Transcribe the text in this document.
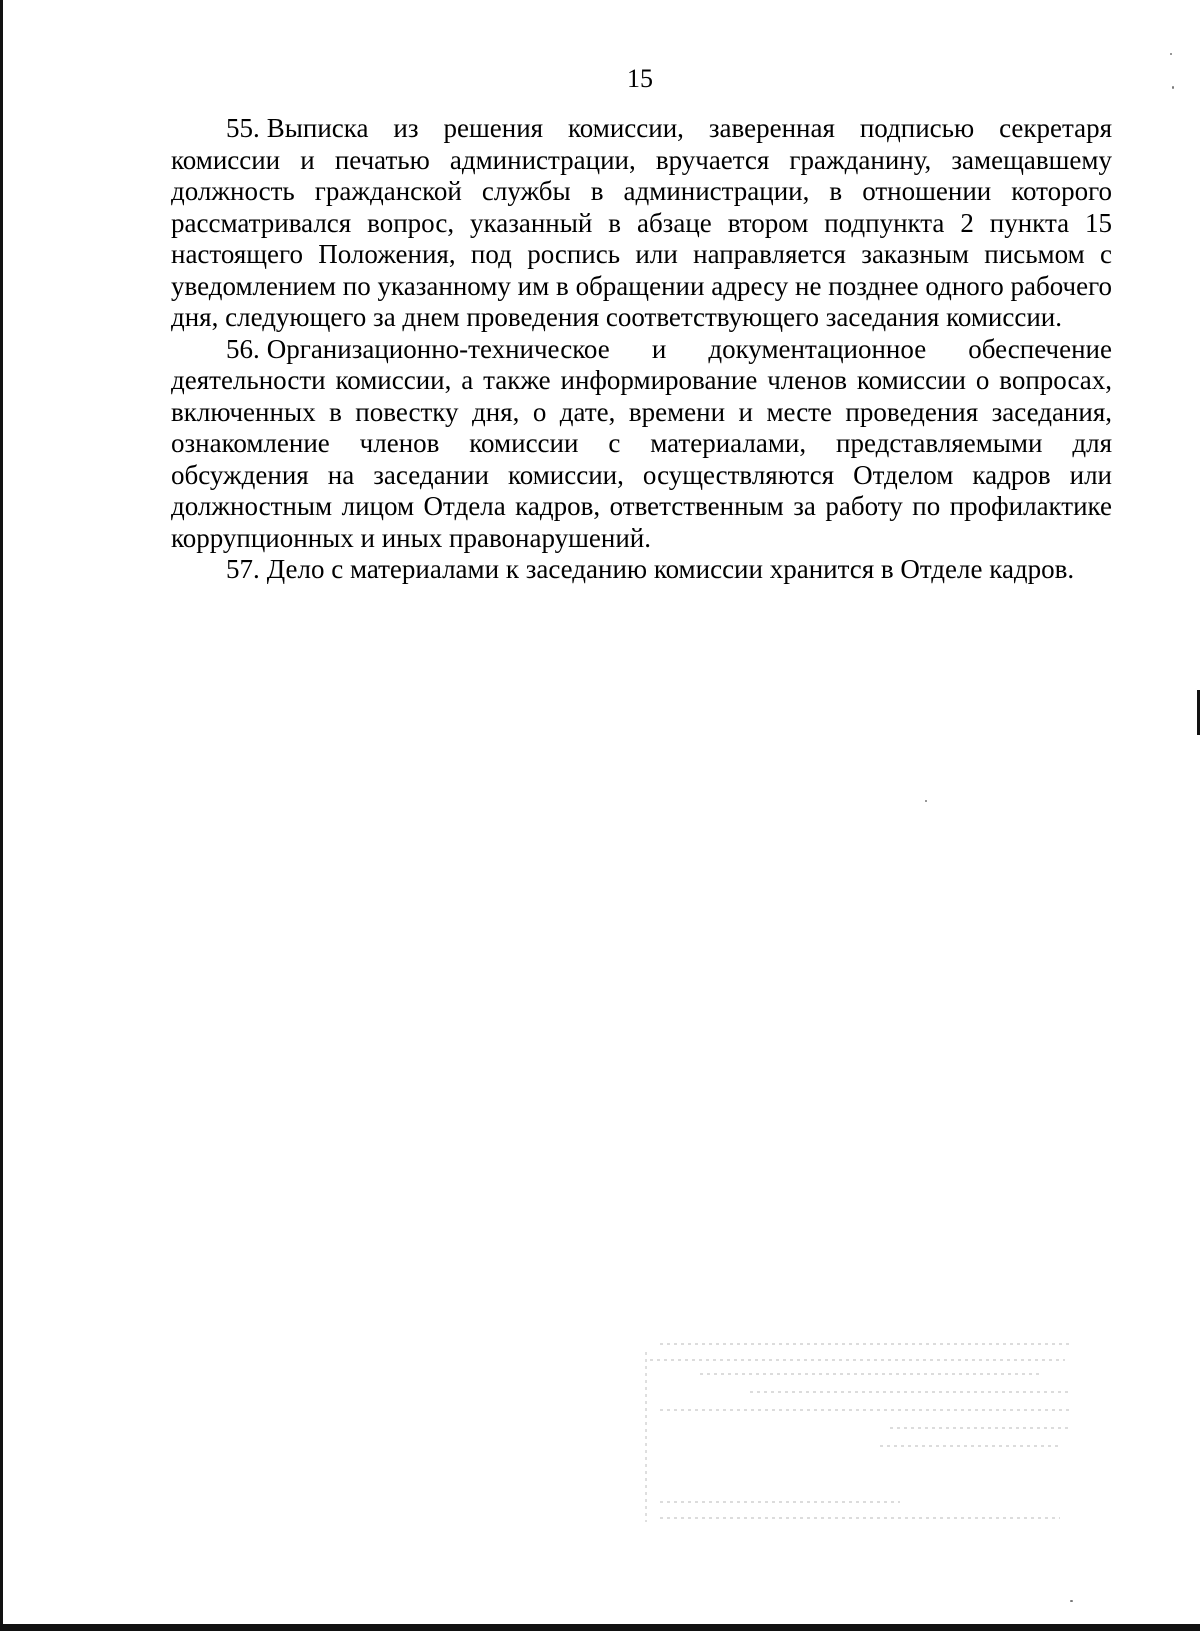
15

55. Выписка из решения комиссии, заверенная подписью секретаря комиссии и печатью администрации, вручается гражданину, замещавшему должность гражданской службы в администрации, в отношении которого рассматривался вопрос, указанный в абзаце втором подпункта 2 пункта 15 настоящего Положения, под роспись или направляется заказным письмом с уведомлением по указанному им в обращении адресу не позднее одного рабочего дня, следующего за днем проведения соответствующего заседания комиссии.

56. Организационно-техническое и документационное обеспечение деятельности комиссии, а также информирование членов комиссии о вопросах, включенных в повестку дня, о дате, времени и месте проведения заседания, ознакомление членов комиссии с материалами, представляемыми для обсуждения на заседании комиссии, осуществляются Отделом кадров или должностным лицом Отдела кадров, ответственным за работу по профилактике коррупционных и иных правонарушений.

57. Дело с материалами к заседанию комиссии хранится в Отделе кадров.
